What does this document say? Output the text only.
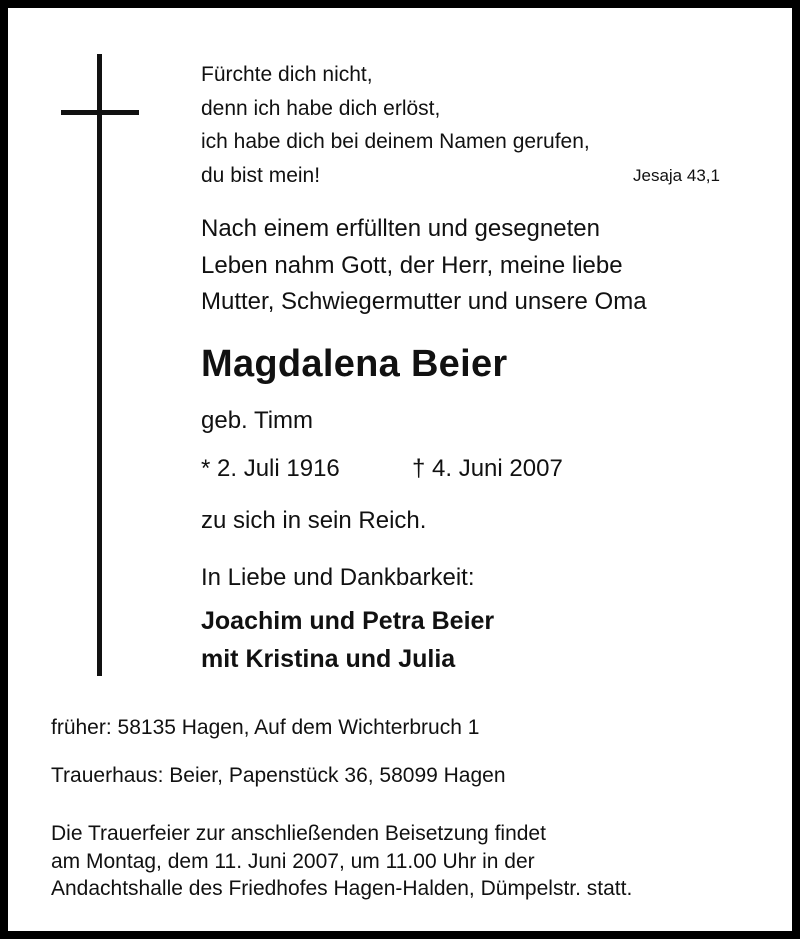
Fürchte dich nicht,
denn ich habe dich erlöst,
ich habe dich bei deinem Namen gerufen,
du bist mein!	Jesaja 43,1
Nach einem erfüllten und gesegneten
Leben nahm Gott, der Herr, meine liebe
Mutter, Schwiegermutter und unsere Oma
Magdalena Beier
geb. Timm
* 2. Juli 1916	† 4. Juni 2007
zu sich in sein Reich.
In Liebe und Dankbarkeit:
Joachim und Petra Beier
mit Kristina und Julia
früher: 58135 Hagen, Auf dem Wichterbruch 1
Trauerhaus: Beier, Papenstück 36, 58099 Hagen
Die Trauerfeier zur anschließenden Beisetzung findet
am Montag, dem 11. Juni 2007, um 11.00 Uhr in der
Andachtshalle des Friedhofes Hagen-Halden, Dümpelstr. statt.
